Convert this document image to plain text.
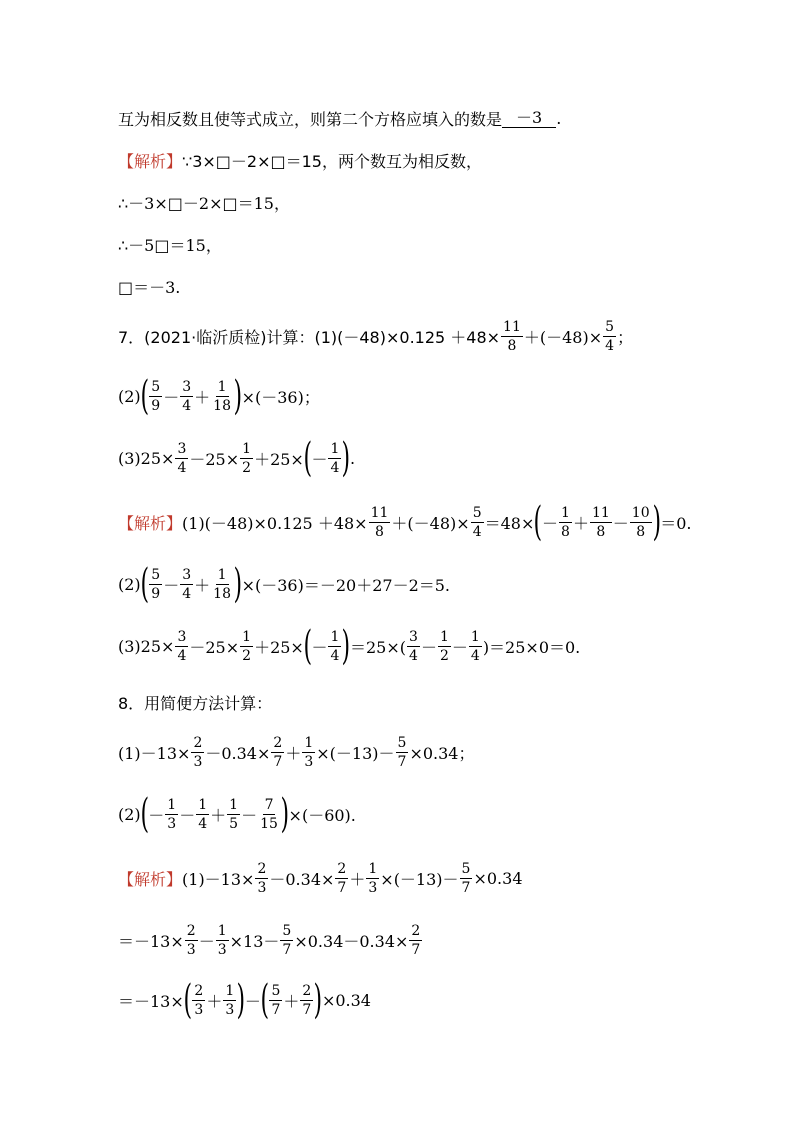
互为相反数且使等式成立，则第二个方格应填入的数是 －3 .
【解析】 ∵3×□－2×□＝15，两个数互为相反数，
∴－3×□－2×□＝15，
∴－5□＝15，
□＝－3.
7．(2021·临沂质检)计算：$(1)(-48)\times 0.125 +48\times \frac{11}{8} +(-48)\times \frac{5}{4}$ ；
(2) ( $\frac{5}{9} - \frac{3}{4} + \frac{1}{18}$ ) ×(－36)；
$(3)25\times \frac{3}{4} -25\times \frac{1}{2} +25\times$ ( － $\frac{1}{4}$ ) .
【解析】 $(1)(-48)\times 0.125 +48\times \frac{11}{8} +(-48)\times \frac{5}{4} =48\times$ ( － $\frac{1}{8} + \frac{11}{8} - \frac{10}{8}$ ) ＝0.
(2) ( $\frac{5}{9} - \frac{3}{4} + \frac{1}{18}$ ) ×(－36)＝－20＋27－2＝5.
$(3)25\times \frac{3}{4} -25\times \frac{1}{2} +25\times$ ( － $\frac{1}{4}$ ) $=25\times( \frac{3}{4} - \frac{1}{2} - \frac{1}{4} )=25\times 0=0$.
8．用简便方法计算：
$(1)-13\times \frac{2}{3} -0.34\times \frac{2}{7} + \frac{1}{3} \times(-13)- \frac{5}{7} \times 0.34$；
(2) ( － $\frac{1}{3} - \frac{1}{4} + \frac{1}{5} - \frac{7}{15}$ ) ×(－60).
【解析】 $(1)-13\times \frac{2}{3} -0.34\times \frac{2}{7} + \frac{1}{3} \times(-13)- \frac{5}{7} \times 0.34$
$=-13\times \frac{2}{3} - \frac{1}{3} \times 13- \frac{5}{7} \times 0.34-0.34\times \frac{2}{7}$
＝－13× ( $\frac{2}{3} + \frac{1}{3}$ ) － ( $\frac{5}{7} + \frac{2}{7}$ ) ×0.34
